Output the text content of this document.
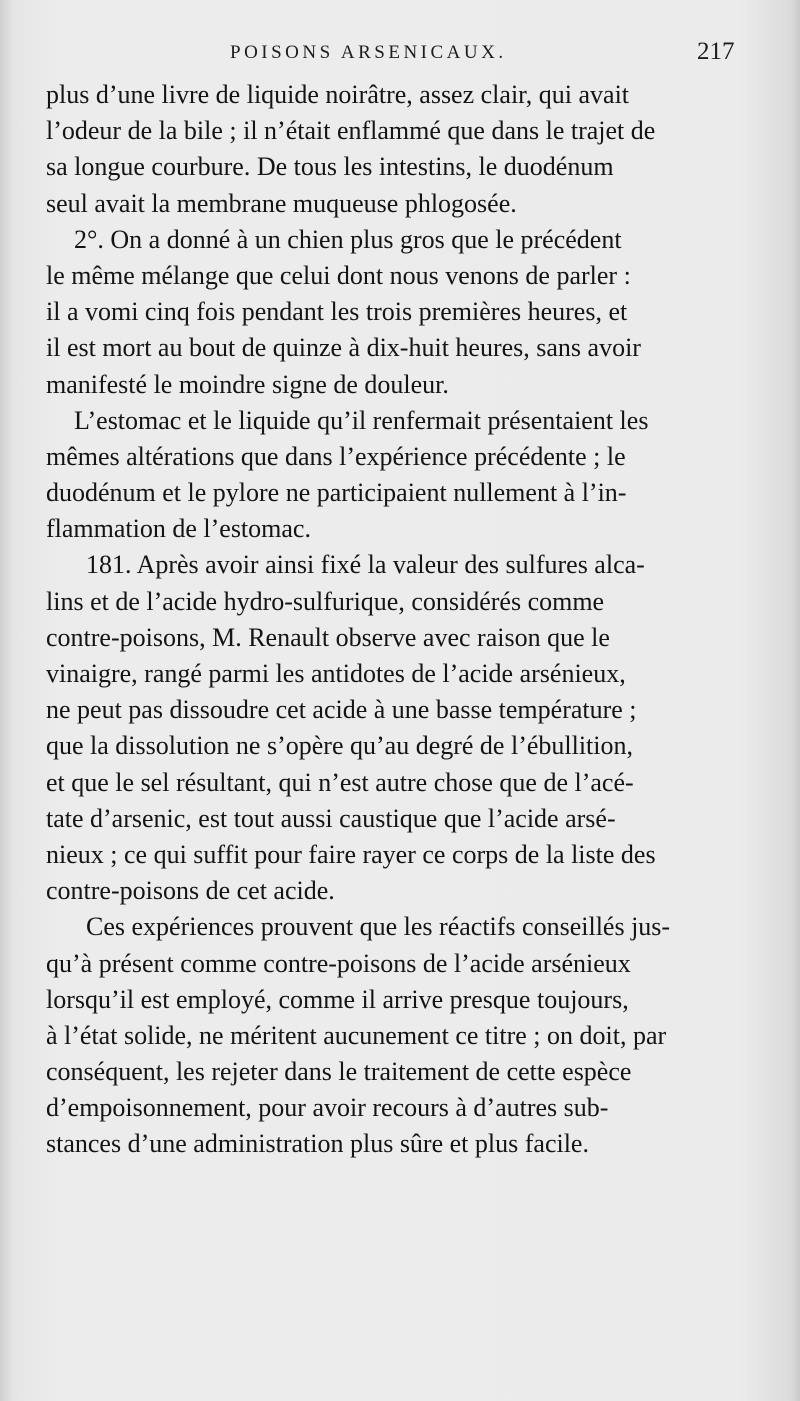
POISONS ARSENICAUX.	217
plus d’une livre de liquide noirâtre, assez clair, qui avait
l’odeur de la bile ; il n’était enflammé que dans le trajet de
sa longue courbure. De tous les intestins, le duodénum
seul avait la membrane muqueuse phlogosée.
2°. On a donné à un chien plus gros que le précédent
le même mélange que celui dont nous venons de parler :
il a vomi cinq fois pendant les trois premières heures, et
il est mort au bout de quinze à dix-huit heures, sans avoir
manifesté le moindre signe de douleur.
L’estomac et le liquide qu’il renfermait présentaient les
mêmes altérations que dans l’expérience précédente ; le
duodénum et le pylore ne participaient nullement à l’in-
flammation de l’estomac.
181. Après avoir ainsi fixé la valeur des sulfures alca-
lins et de l’acide hydro-sulfurique, considérés comme
contre-poisons, M. Renault observe avec raison que le
vinaigre, rangé parmi les antidotes de l’acide arsénieux,
ne peut pas dissoudre cet acide à une basse température ;
que la dissolution ne s’opère qu’au degré de l’ébullition,
et que le sel résultant, qui n’est autre chose que de l’acé-
tate d’arsenic, est tout aussi caustique que l’acide arsé-
nieux ; ce qui suffit pour faire rayer ce corps de la liste des
contre-poisons de cet acide.
Ces expériences prouvent que les réactifs conseillés jus-
qu’à présent comme contre-poisons de l’acide arsénieux
lorsqu’il est employé, comme il arrive presque toujours,
à l’état solide, ne méritent aucunement ce titre ; on doit, par
conséquent, les rejeter dans le traitement de cette espèce
d’empoisonnement, pour avoir recours à d’autres sub-
stances d’une administration plus sûre et plus facile.
